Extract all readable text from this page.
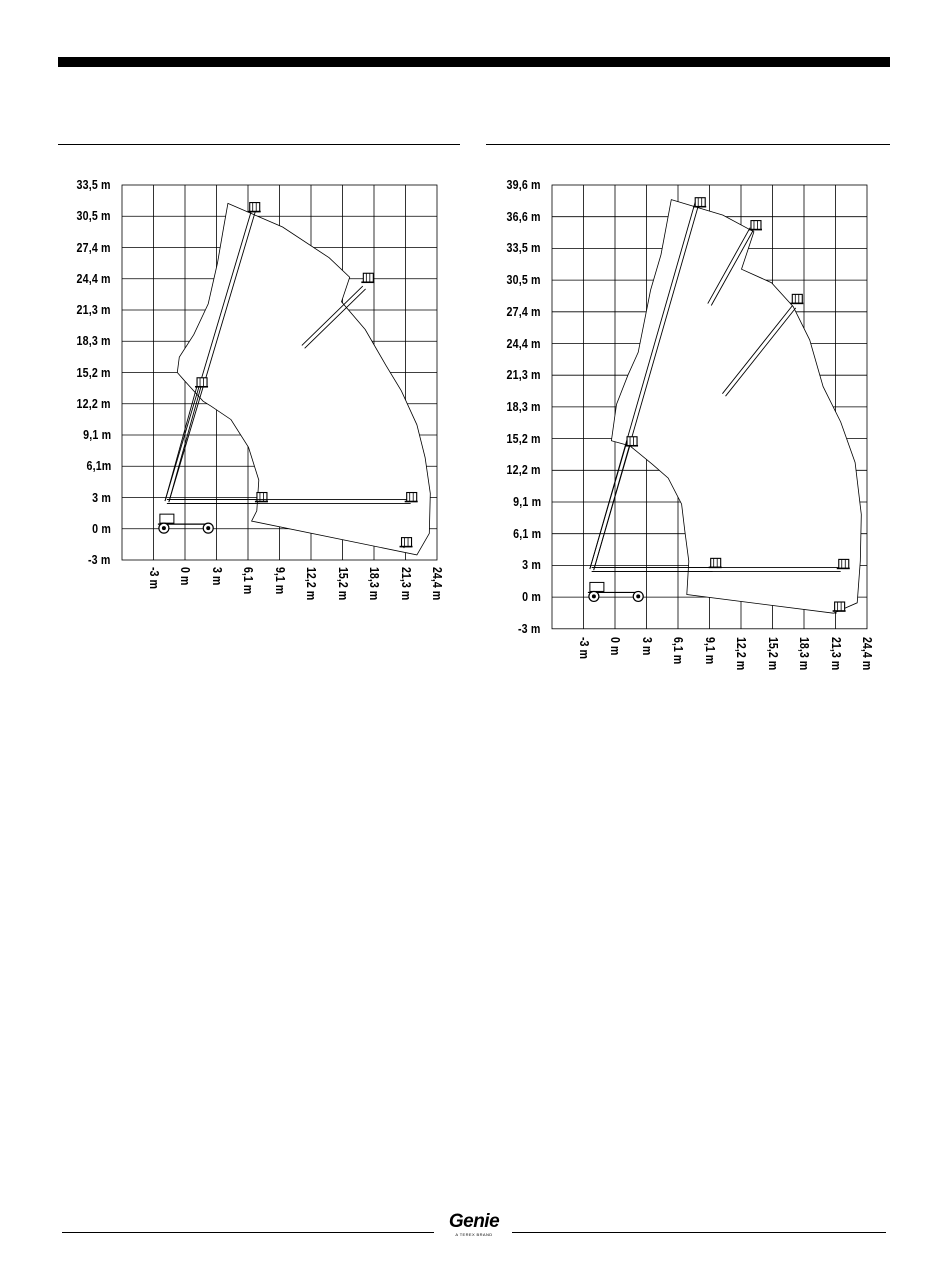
33,5 m
30,5 m
27,4 m
24,4 m
21,3 m
18,3 m
15,2 m
12,2 m
9,1 m
6,1m
3 m
0 m
-3 m
-3 m 0 m 3 m 6,1 m 9,1 m 12,2 m 15,2 m 18,3 m 21,3 m 24,4 m
39,6 m
36,6 m
33,5 m
30,5 m
27,4 m
24,4 m
21,3 m
18,3 m
15,2 m
12,2 m
9,1 m
6,1 m
3 m
0 m
-3 m
-3 m 0 m 3 m 6,1 m 9,1 m 12,2 m 15,2 m 18,3 m 21,3 m 24,4 m
Genie
A TEREX BRAND
